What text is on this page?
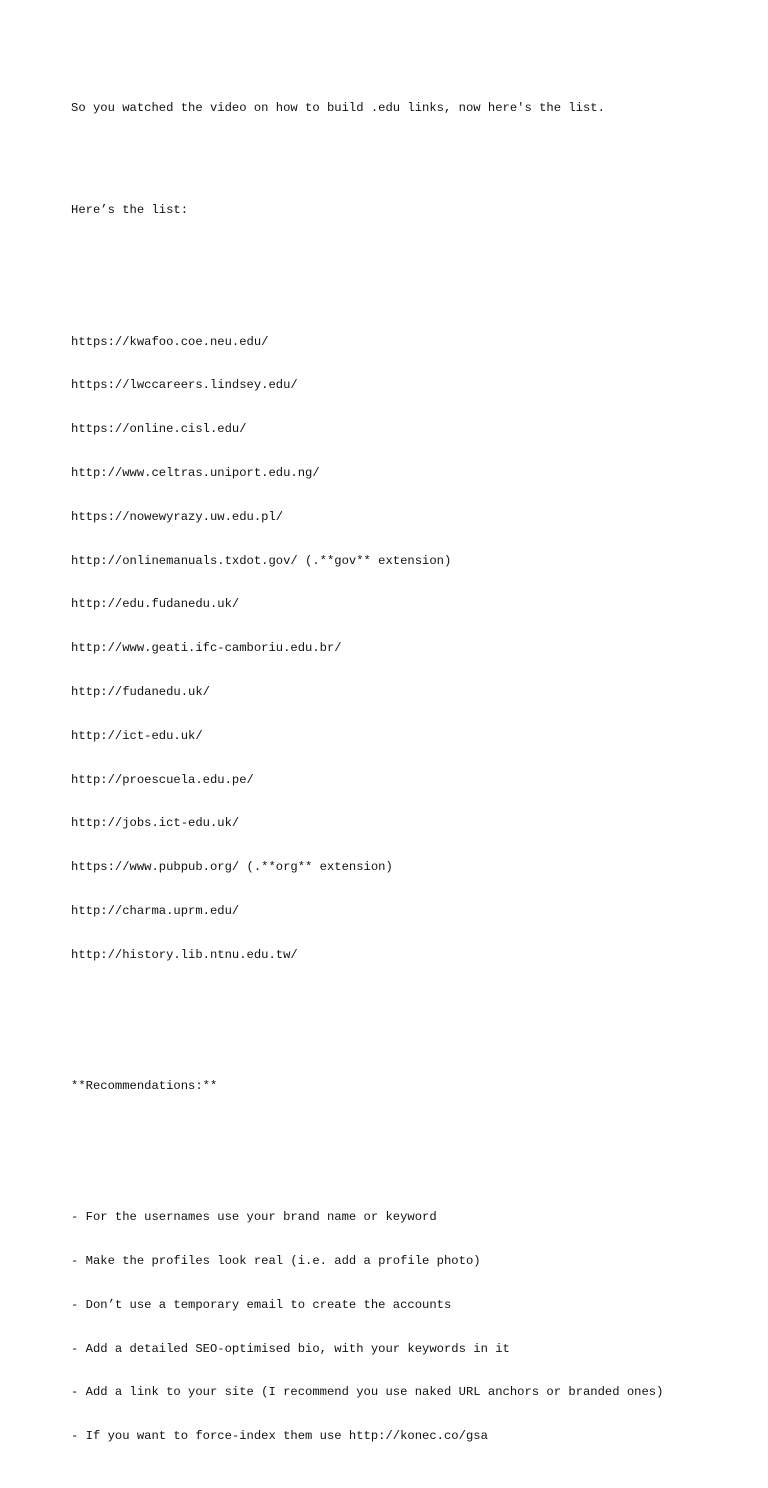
So you watched the video on how to build .edu links, now here's the list.

Here’s the list:

https://kwafoo.coe.neu.edu/

https://lwccareers.lindsey.edu/

https://online.cisl.edu/

http://www.celtras.uniport.edu.ng/

https://nowewyrazy.uw.edu.pl/

http://onlinemanuals.txdot.gov/ (.**gov** extension)

http://edu.fudanedu.uk/

http://www.geati.ifc-camboriu.edu.br/

http://fudanedu.uk/

http://ict-edu.uk/

http://proescuela.edu.pe/

http://jobs.ict-edu.uk/

https://www.pubpub.org/ (.**org** extension)

http://charma.uprm.edu/

http://history.lib.ntnu.edu.tw/

**Recommendations:**

- For the usernames use your brand name or keyword

- Make the profiles look real (i.e. add a profile photo)

- Don’t use a temporary email to create the accounts

- Add a detailed SEO-optimised bio, with your keywords in it

- Add a link to your site (I recommend you use naked URL anchors or branded ones)

- If you want to force-index them use http://konec.co/gsa
